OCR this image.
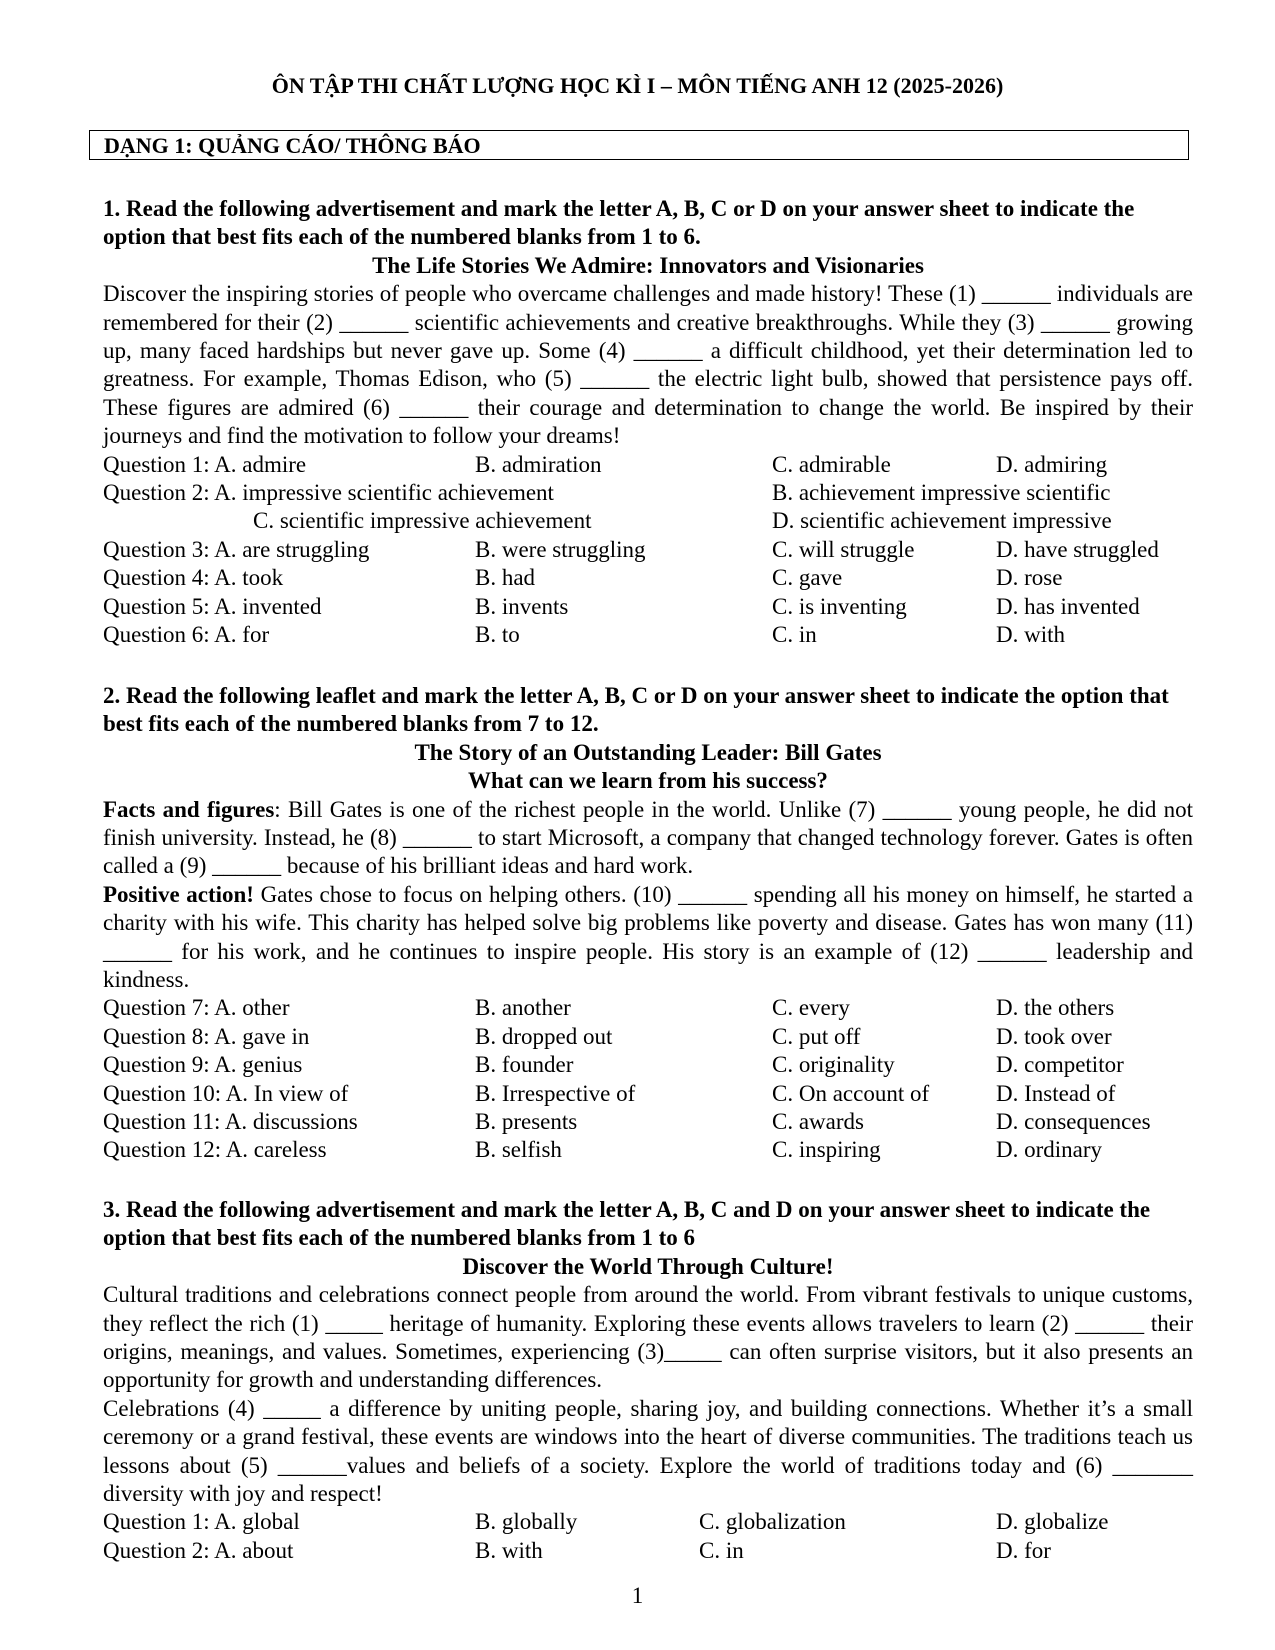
ÔN TẬP THI CHẤT LƯỢNG HỌC KÌ I – MÔN TIẾNG ANH 12 (2025-2026)
DẠNG 1: QUẢNG CÁO/ THÔNG BÁO

1. Read the following advertisement and mark the letter A, B, C or D on your answer sheet to indicate the option that best fits each of the numbered blanks from 1 to 6.

The Life Stories We Admire: Innovators and Visionaries

Discover the inspiring stories of people who overcame challenges and made history! These (1) ______ individuals are remembered for their (2) ______ scientific achievements and creative breakthroughs. While they (3) ______ growing up, many faced hardships but never gave up. Some (4) ______ a difficult childhood, yet their determination led to greatness. For example, Thomas Edison, who (5) ______ the electric light bulb, showed that persistence pays off. These figures are admired (6) ______ their courage and determination to change the world. Be inspired by their journeys and find the motivation to follow your dreams!

Question 1: A. admire	B. admiration	C. admirable	D. admiring
Question 2: A. impressive scientific achievement	B. achievement impressive scientific
C. scientific impressive achievement	D. scientific achievement impressive
Question 3: A. are struggling	B. were struggling	C. will struggle	D. have struggled
Question 4: A. took	B. had	C. gave	D. rose
Question 5: A. invented	B. invents	C. is inventing	D. has invented
Question 6: A. for	B. to	C. in	D. with

2. Read the following leaflet and mark the letter A, B, C or D on your answer sheet to indicate the option that best fits each of the numbered blanks from 7 to 12.

The Story of an Outstanding Leader: Bill Gates

What can we learn from his success?

Facts and figures: Bill Gates is one of the richest people in the world. Unlike (7) ______ young people, he did not finish university. Instead, he (8) ______ to start Microsoft, a company that changed technology forever. Gates is often called a (9) ______ because of his brilliant ideas and hard work.

Positive action! Gates chose to focus on helping others. (10) ______ spending all his money on himself, he started a charity with his wife. This charity has helped solve big problems like poverty and disease. Gates has won many (11) ______ for his work, and he continues to inspire people. His story is an example of (12) ______ leadership and kindness.

Question 7: A. other	B. another	C. every	D. the others
Question 8: A. gave in	B. dropped out	C. put off	D. took over
Question 9: A. genius	B. founder	C. originality	D. competitor
Question 10: A. In view of	B. Irrespective of	C. On account of	D. Instead of
Question 11: A. discussions	B. presents	C. awards	D. consequences
Question 12: A. careless	B. selfish	C. inspiring	D. ordinary

3. Read the following advertisement and mark the letter A, B, C and D on your answer sheet to indicate the option that best fits each of the numbered blanks from 1 to 6

Discover the World Through Culture!

Cultural traditions and celebrations connect people from around the world. From vibrant festivals to unique customs, they reflect the rich (1) _____ heritage of humanity. Exploring these events allows travelers to learn (2) ______ their origins, meanings, and values. Sometimes, experiencing (3)_____ can often surprise visitors, but it also presents an opportunity for growth and understanding differences.

Celebrations (4) _____ a difference by uniting people, sharing joy, and building connections. Whether it’s a small ceremony or a grand festival, these events are windows into the heart of diverse communities. The traditions teach us lessons about (5) ______values and beliefs of a society. Explore the world of traditions today and (6) _______ diversity with joy and respect!

Question 1: A. global	B. globally	C. globalization	D. globalize
Question 2: A. about	B. with	C. in	D. for
1
